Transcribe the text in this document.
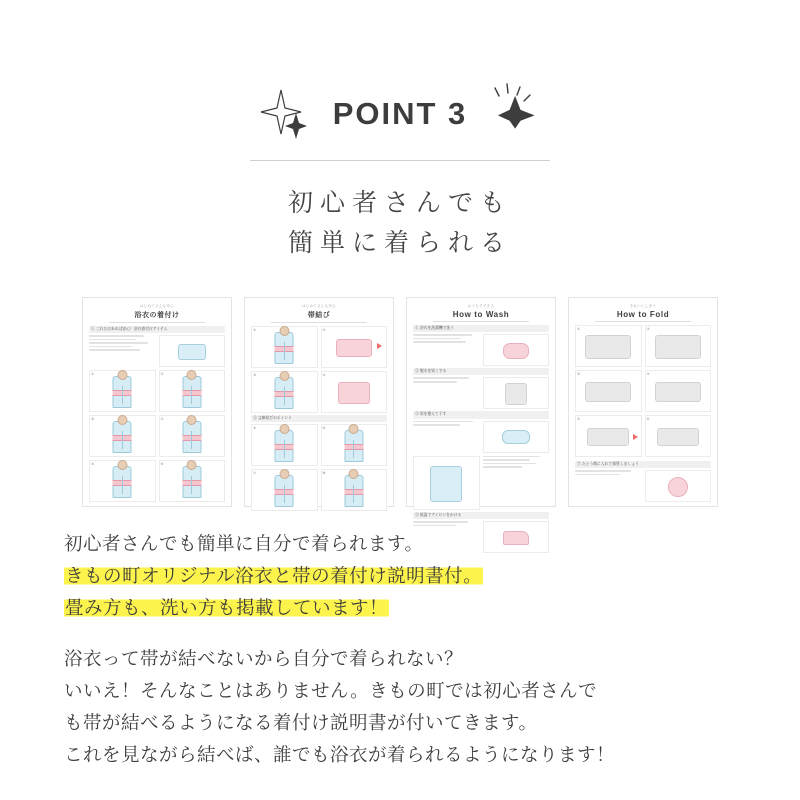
POINT 3
初心者さんでも
簡単に着られる
はじめてさんも安心
浴衣の着付け
① これだけあれば安心！浴衣着付けアイテム
①	②
③	④
⑤	⑥
はじめてさんも安心
帯結び
①	②
③	④
② 文庫結びのポイント
⑤	⑥
⑦	⑧
おうちでできる
How to Wash
① 浴衣を洗濯機で洗う
② 脱水を短くする
③ 形を整えて干す
④ 低温でアイロンをかける
きれいにしまう
How to Fold
①	②
③	④
⑤	⑥
⑦ たとう紙に入れて保管しましょう

初心者さんでも簡単に自分で着られます。
きもの町オリジナル浴衣と帯の着付け説明書付。
畳み方も、洗い方も掲載しています！

浴衣って帯が結べないから自分で着られない？
いいえ！そんなことはありません。きもの町では初心者さんで
も帯が結べるようになる着付け説明書が付いてきます。
これを見ながら結べば、誰でも浴衣が着られるようになります！
